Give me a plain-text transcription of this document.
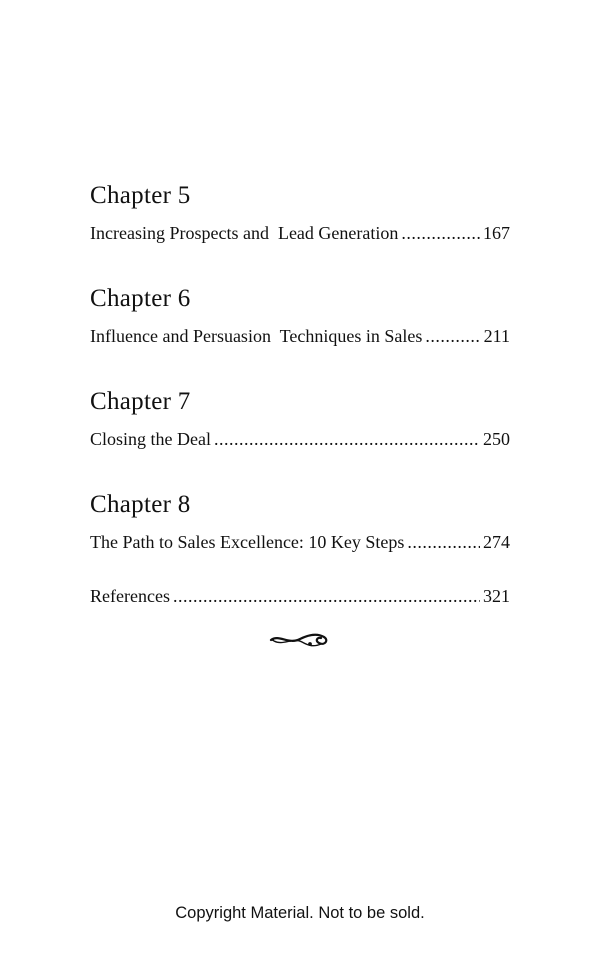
Chapter 5
Increasing Prospects and  Lead Generation .....	167
Chapter 6
Influence and Persuasion  Techniques in Sales .....	211
Chapter 7
Closing the Deal .....	250
Chapter 8
The Path to Sales Excellence: 10 Key Steps .....	274
References .....	321
Copyright Material. Not to be sold.
